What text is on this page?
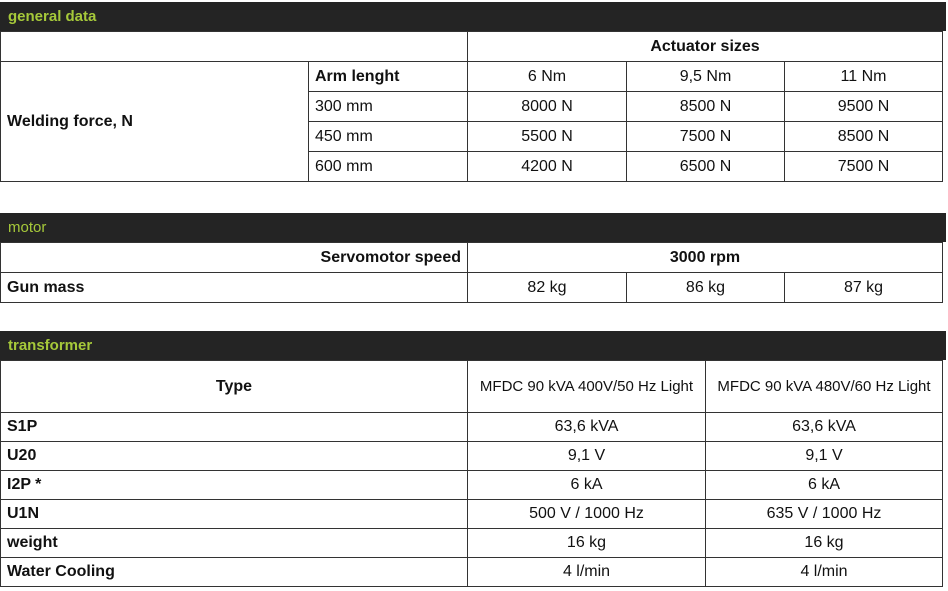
general data
		Actuator sizes		
Welding force, N	Arm lenght	6 Nm	9,5 Nm	11 Nm
	300 mm	8000 N	8500 N	9500 N
	450 mm	5500 N	7500 N	8500 N
	600 mm	4200 N	6500 N	7500 N
motor
Servomotor speed	3000 rpm		
Gun mass	82 kg	86 kg	87 kg
transformer
Type	MFDC 90 kVA 400V/50 Hz Light	MFDC 90 kVA 480V/60 Hz Light
S1P	63,6 kVA	63,6 kVA
U20	9,1 V	9,1 V
I2P *	6 kA	6 kA
U1N	500 V / 1000 Hz	635 V / 1000 Hz
weight	16 kg	16 kg
Water Cooling	4 l/min	4 l/min
